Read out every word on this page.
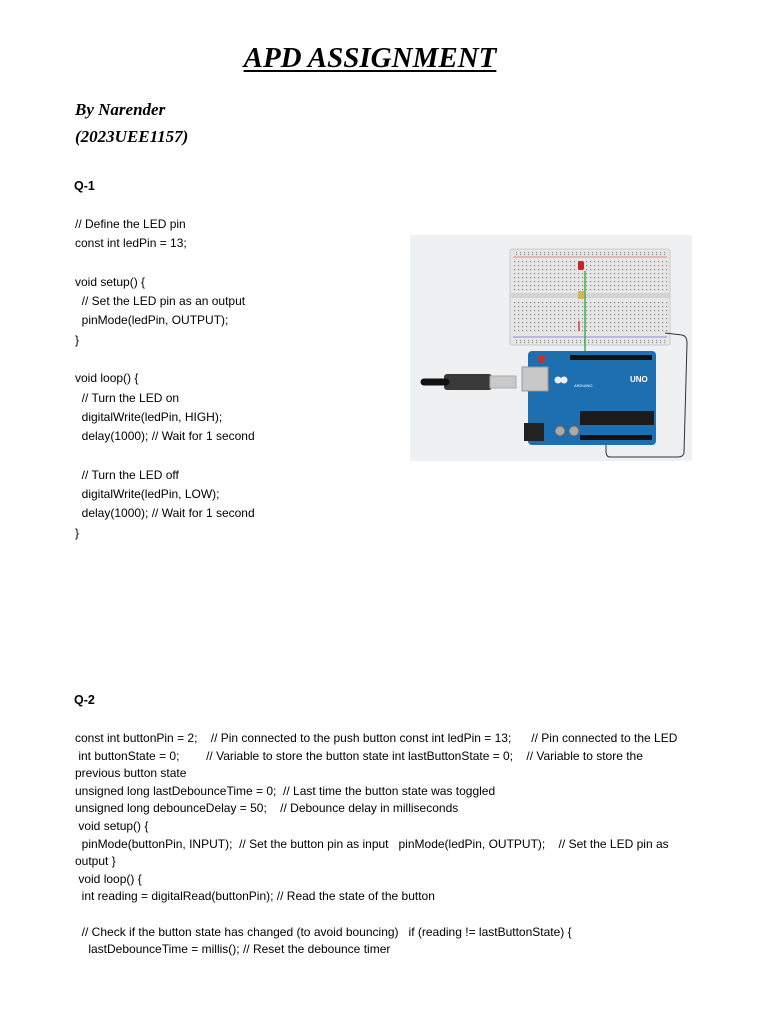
APD ASSIGNMENT
By Narender
(2023UEE1157)
Q-1
// Define the LED pin
const int ledPin = 13;

void setup() {
// Set the LED pin as an output
pinMode(ledPin, OUTPUT);
}

void loop() {
// Turn the LED on
digitalWrite(ledPin, HIGH);
delay(1000); // Wait for 1 second

// Turn the LED off
digitalWrite(ledPin, LOW);
delay(1000); // Wait for 1 second
}
UNO
ARDUINO
Q-2
const int buttonPin = 2;    // Pin connected to the push button const int ledPin = 13;      // Pin connected to the LED
int buttonState = 0;        // Variable to store the button state int lastButtonState = 0;    // Variable to store the previous button state
unsigned long lastDebounceTime = 0;  // Last time the button state was toggled
unsigned long debounceDelay = 50;    // Debounce delay in milliseconds
void setup() {
pinMode(buttonPin, INPUT);  // Set the button pin as input   pinMode(ledPin, OUTPUT);    // Set the LED pin as output }
void loop() {
int reading = digitalRead(buttonPin); // Read the state of the button

// Check if the button state has changed (to avoid bouncing)   if (reading != lastButtonState) {
lastDebounceTime = millis(); // Reset the debounce timer
